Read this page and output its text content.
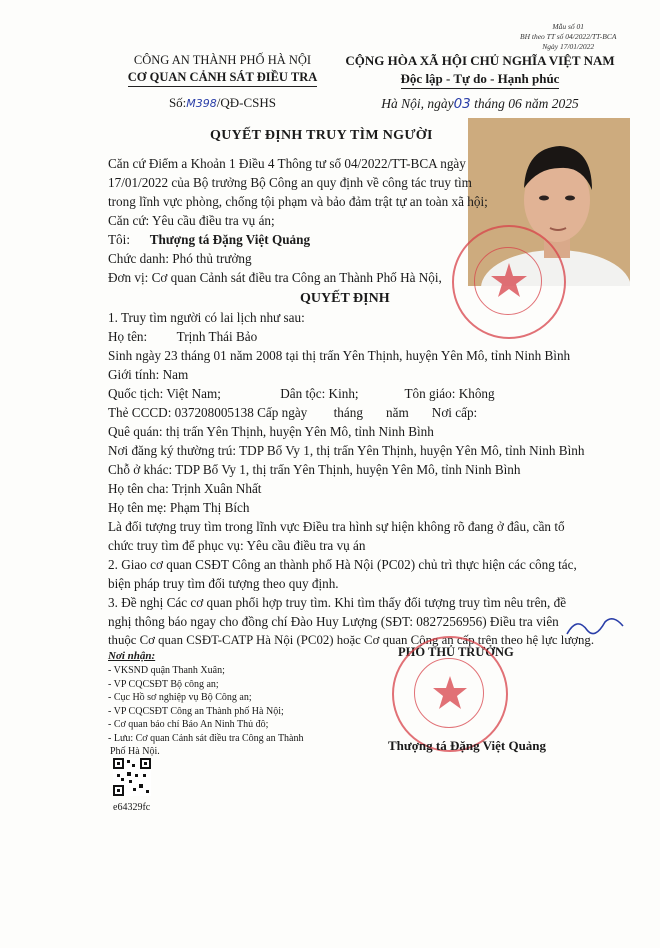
Mẫu số 01
BH theo TT số 04/2022/TT-BCA
Ngày 17/01/2022
CÔNG AN THÀNH PHỐ HÀ NỘI
CƠ QUAN CẢNH SÁT ĐIỀU TRA
Số:M398/QĐ-CSHS
CỘNG HÒA XÃ HỘI CHỦ NGHĨA VIỆT NAM
Độc lập - Tự do - Hạnh phúc
Hà Nội, ngày03 tháng 06 năm 2025
QUYẾT ĐỊNH TRUY TÌM NGƯỜI
Căn cứ Điểm a Khoản 1 Điều 4 Thông tư số 04/2022/TT-BCA ngày
17/01/2022 của Bộ trưởng Bộ Công an quy định về công tác truy tìm
trong lĩnh vực phòng, chống tội phạm và bảo đảm trật tự an toàn xã hội;
Căn cứ: Yêu cầu điều tra vụ án;
Tôi: Thượng tá Đặng Việt Quảng
Chức danh: Phó thủ trưởng
Đơn vị: Cơ quan Cảnh sát điều tra Công an Thành Phố Hà Nội,
QUYẾT ĐỊNH
1. Truy tìm người có lai lịch như sau:
Họ tên:         Trịnh Thái Bảo
Sinh ngày 23 tháng 01 năm 2008 tại thị trấn Yên Thịnh, huyện Yên Mô, tỉnh Ninh Bình
Giới tính: Nam
Quốc tịch: Việt Nam;                  Dân tộc: Kinh;              Tôn giáo: Không
Thẻ CCCD: 037208005138 Cấp ngày        tháng       năm       Nơi cấp:
Quê quán: thị trấn Yên Thịnh, huyện Yên Mô, tỉnh Ninh Bình
Nơi đăng ký thường trú: TDP Bổ Vy 1, thị trấn Yên Thịnh, huyện Yên Mô, tỉnh Ninh Bình
Chỗ ở khác: TDP Bổ Vy 1, thị trấn Yên Thịnh, huyện Yên Mô, tỉnh Ninh Bình
Họ tên cha: Trịnh Xuân Nhất
Họ tên mẹ: Phạm Thị Bích
Là đối tượng truy tìm trong lĩnh vực Điều tra hình sự hiện không rõ đang ở đâu, cần tổ
chức truy tìm để phục vụ: Yêu cầu điều tra vụ án
2. Giao cơ quan CSĐT Công an thành phố Hà Nội (PC02) chủ trì thực hiện các công tác,
biện pháp truy tìm đối tượng theo quy định.
3. Đề nghị Các cơ quan phối hợp truy tìm. Khi tìm thấy đối tượng truy tìm nêu trên, đề
nghị thông báo ngay cho đồng chí Đào Huy Lượng (SĐT: 0827256956) Điều tra viên
thuộc Cơ quan CSĐT-CATP Hà Nội (PC02) hoặc Cơ quan Công an cấp trên theo hệ lực lượng.
Nơi nhận:
- VKSND quận Thanh Xuân;
- VP CQCSĐT Bộ công an;
- Cục Hồ sơ nghiệp vụ Bộ Công an;
- VP CQCSĐT Công an Thành phố Hà Nội;
- Cơ quan báo chí Báo An Ninh Thủ đô;
- Lưu: Cơ quan Cảnh sát điều tra Công an Thành
Phố Hà Nội.
PHÓ THỦ TRƯỞNG
Thượng tá Đặng Việt Quảng
e64329fc
